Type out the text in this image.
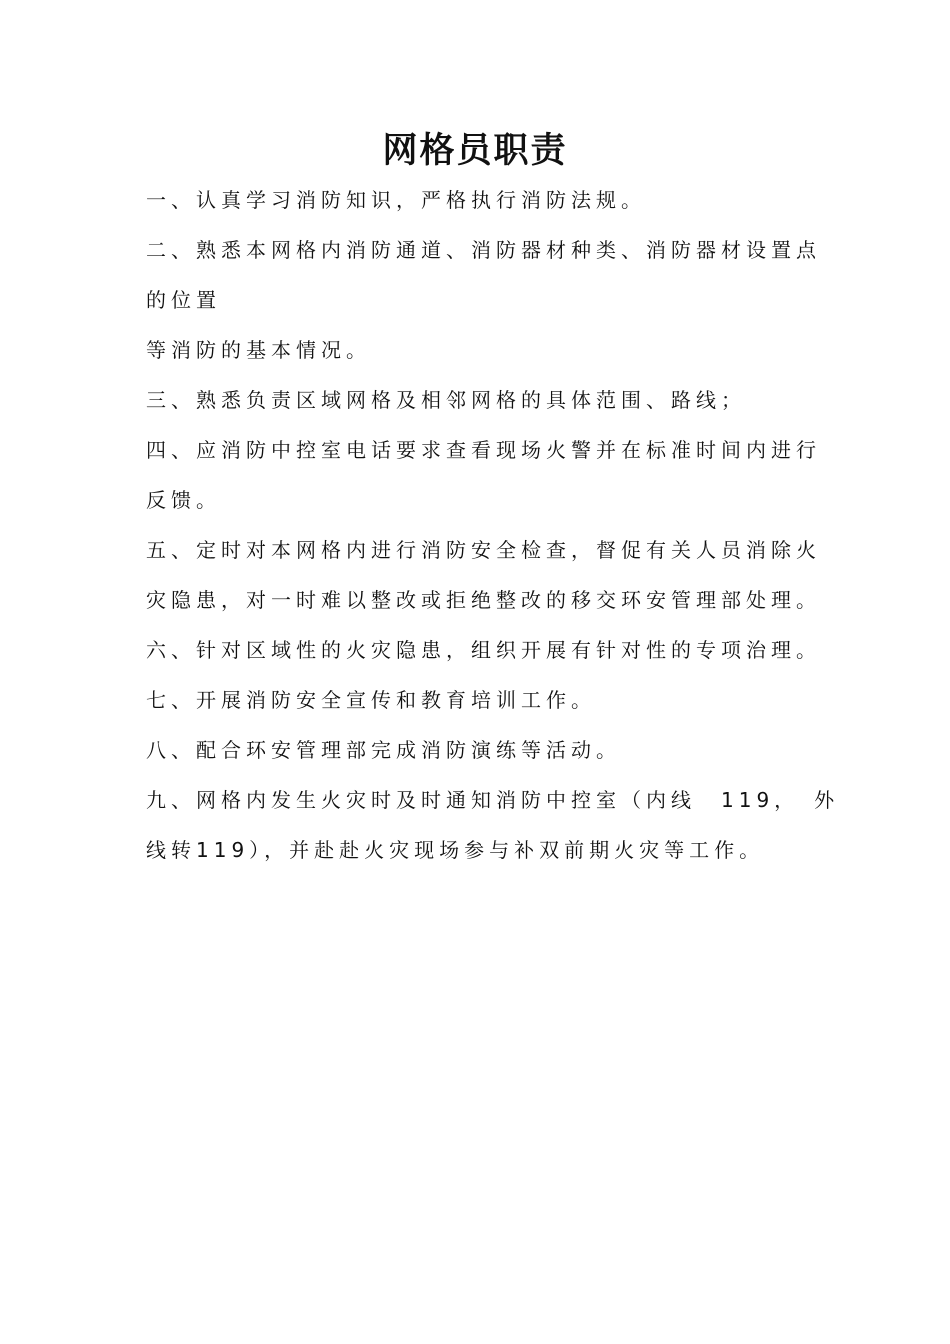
网格员职责

一、认真学习消防知识，严格执行消防法规。

二、熟悉本网格内消防通道、消防器材种类、消防器材设置点

的位置

等消防的基本情况。

三、熟悉负责区域网格及相邻网格的具体范围、路线；

四、应消防中控室电话要求查看现场火警并在标准时间内进行

反馈。

五、定时对本网格内进行消防安全检查，督促有关人员消除火

灾隐患，对一时难以整改或拒绝整改的移交环安管理部处理。

六、针对区域性的火灾隐患，组织开展有针对性的专项治理。

七、开展消防安全宣传和教育培训工作。

八、配合环安管理部完成消防演练等活动。

九、网格内发生火灾时及时通知消防中控室（内线　119，　外

线转119），并赴赴火灾现场参与补双前期火灾等工作。
